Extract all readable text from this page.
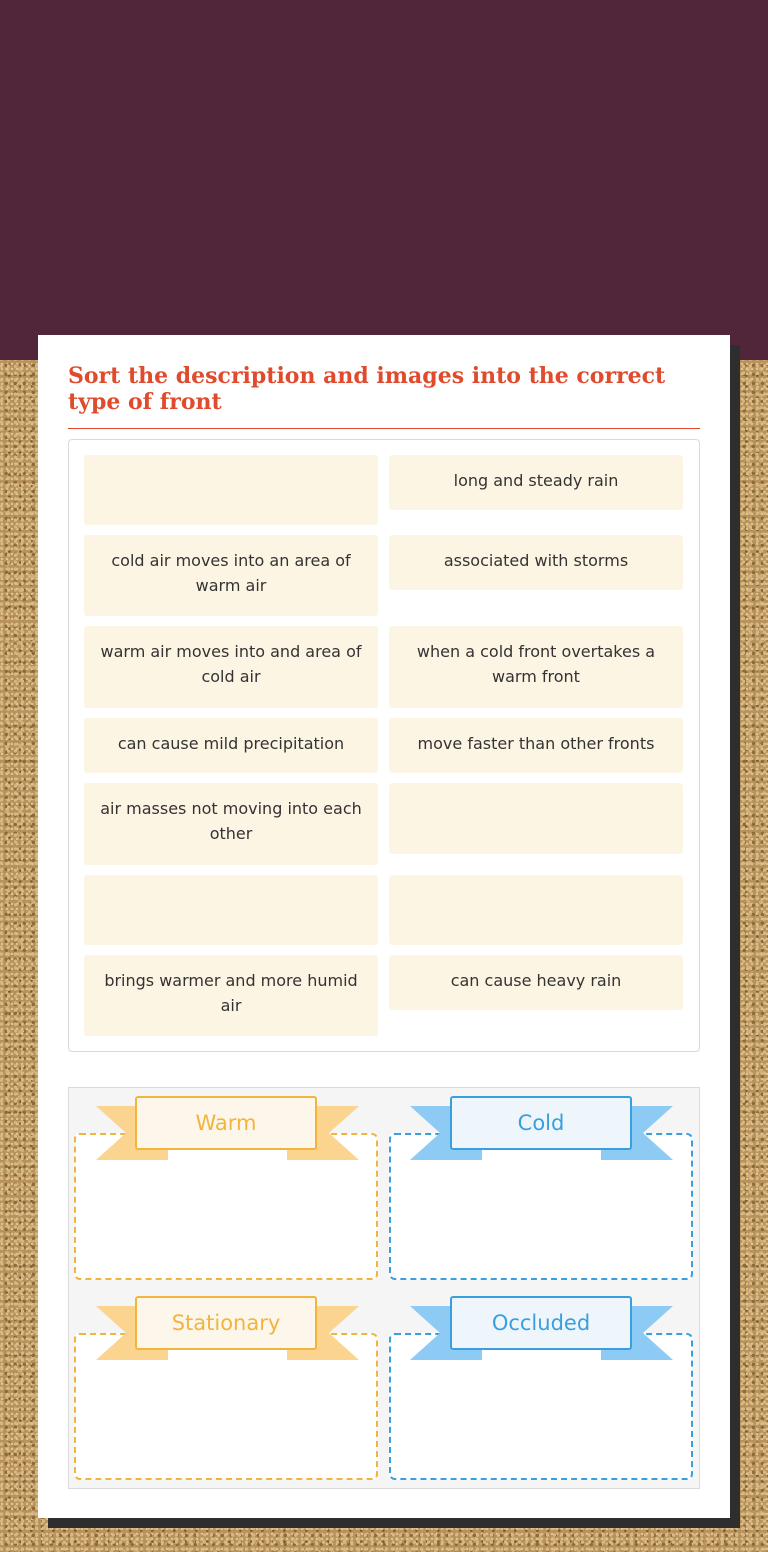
Sort the description and images into the correct type of front
long and steady rain
cold air moves into an area of warm air
associated with storms
warm air moves into and area of cold air
when a cold front overtakes a warm front
can cause mild precipitation	move faster than other fronts
air masses not moving into each other
brings warmer and more humid air
can cause heavy rain
Warm	Cold
Stationary	Occluded
